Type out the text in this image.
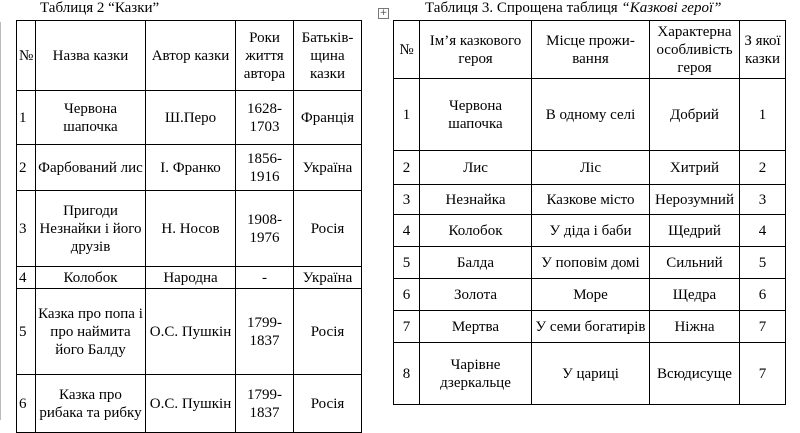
Таблиця 2 “Казки”	+	Таблиця 3. Спрощена таблиця “Казкові герої”
№	Назва казки	Автор казки	Роки життя автора	Батьків-щина казки
1	Червона шапочка	Ш.Перо	1628-1703	Франція
2	Фарбований лис	І. Франко	1856-1916	Україна
3	Пригоди Незнайки і його друзів	Н. Носов	1908-1976	Росія
4	Колобок	Народна	-	Україна
5	Казка про попа і про наймита його Балду	О.С. Пушкін	1799-1837	Росія
6	Казка про рибака та рибку	О.С. Пушкін	1799-1837	Росія
№	Ім’я казкового героя	Місце прожи-вання	Характерна особливість героя	З якої казки
1	Червона шапочка	В одному селі	Добрий	1
2	Лис	Ліс	Хитрий	2
3	Незнайка	Казкове місто	Нерозумний	3
4	Колобок	У діда і баби	Щедрий	4
5	Балда	У поповім домі	Сильний	5
6	Золота	Море	Щедра	6
7	Мертва	У семи богатирів	Ніжна	7
8	Чарівне дзеркальце	У цариці	Всюдисуще	7
